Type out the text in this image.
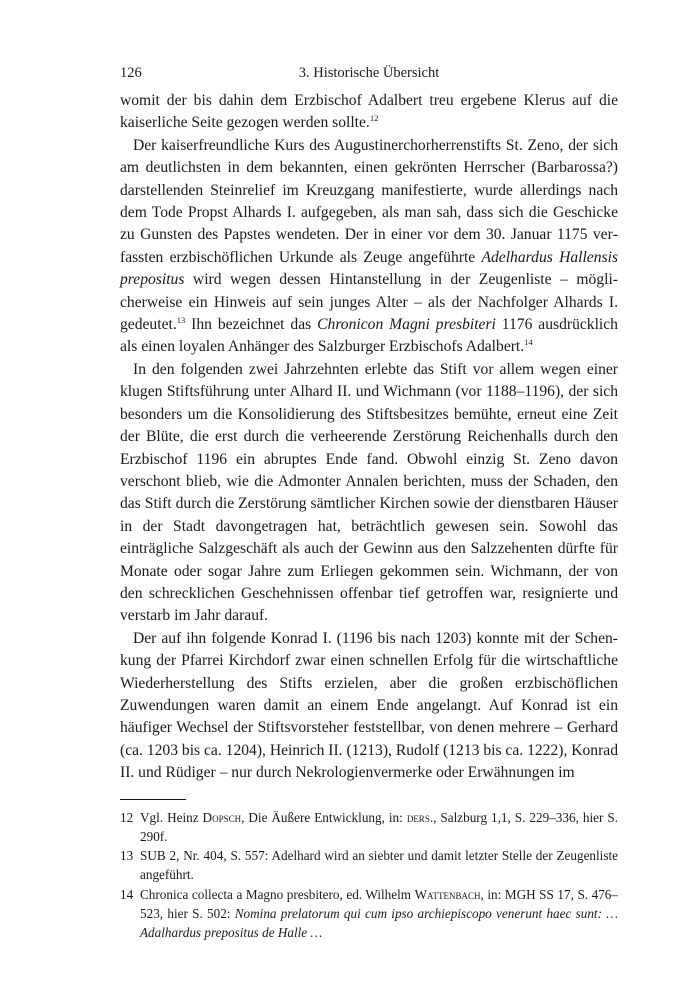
126	3. Historische Übersicht

womit der bis dahin dem Erzbischof Adalbert treu ergebene Klerus auf die kaiserliche Seite gezogen werden sollte.$^{12}$

Der kaiserfreundliche Kurs des Augustinerchorherrenstifts St. Zeno, der sich am deutlichsten in dem bekannten, einen gekrönten Herrscher (Barbarossa?) darstellenden Steinrelief im Kreuzgang manifestierte, wurde allerdings nach dem Tode Propst Alhards I. aufgegeben, als man sah, dass sich die Geschicke zu Gunsten des Papstes wendeten. Der in einer vor dem 30. Januar 1175 verfassten erzbischöflichen Urkunde als Zeuge angeführte Adelhardus Hallensis prepositus wird wegen dessen Hintanstellung in der Zeugenliste – möglicherweise ein Hinweis auf sein junges Alter – als der Nachfolger Alhards I. gedeutet.$^{13}$ Ihn bezeichnet das Chronicon Magni presbiteri 1176 ausdrücklich als einen loyalen Anhänger des Salzburger Erzbischofs Adalbert.$^{14}$

In den folgenden zwei Jahrzehnten erlebte das Stift vor allem wegen einer klugen Stiftsführung unter Alhard II. und Wichmann (vor 1188–1196), der sich besonders um die Konsolidierung des Stiftsbesitzes bemühte, erneut eine Zeit der Blüte, die erst durch die verheerende Zerstörung Reichenhalls durch den Erzbischof 1196 ein abruptes Ende fand. Obwohl einzig St. Zeno davon verschont blieb, wie die Admonter Annalen berichten, muss der Schaden, den das Stift durch die Zerstörung sämtlicher Kirchen sowie der dienstbaren Häuser in der Stadt davongetragen hat, beträchtlich gewesen sein. Sowohl das einträgliche Salzgeschäft als auch der Gewinn aus den Salzzehenten dürfte für Monate oder sogar Jahre zum Erliegen gekommen sein. Wichmann, der von den schrecklichen Geschehnissen offenbar tief getroffen war, resignierte und verstarb im Jahr darauf.

Der auf ihn folgende Konrad I. (1196 bis nach 1203) konnte mit der Schenkung der Pfarrei Kirchdorf zwar einen schnellen Erfolg für die wirtschaftliche Wiederherstellung des Stifts erzielen, aber die großen erzbischöflichen Zuwendungen waren damit an einem Ende angelangt. Auf Konrad ist ein häufiger Wechsel der Stiftsvorsteher feststellbar, von denen mehrere – Gerhard (ca. 1203 bis ca. 1204), Heinrich II. (1213), Rudolf (1213 bis ca. 1222), Konrad II. und Rüdiger – nur durch Nekrologienvermerke oder Erwähnungen im

12 Vgl. Heinz Dopsch, Die Äußere Entwicklung, in: ders., Salzburg 1,1, S. 229–336, hier S. 290f.

13 SUB 2, Nr. 404, S. 557: Adelhard wird an siebter und damit letzter Stelle der Zeugenliste angeführt.

14 Chronica collecta a Magno presbitero, ed. Wilhelm Wattenbach, in: MGH SS 17, S. 476–523, hier S. 502: Nomina prelatorum qui cum ipso archiepiscopo venerunt haec sunt: … Adalhardus prepositus de Halle …
